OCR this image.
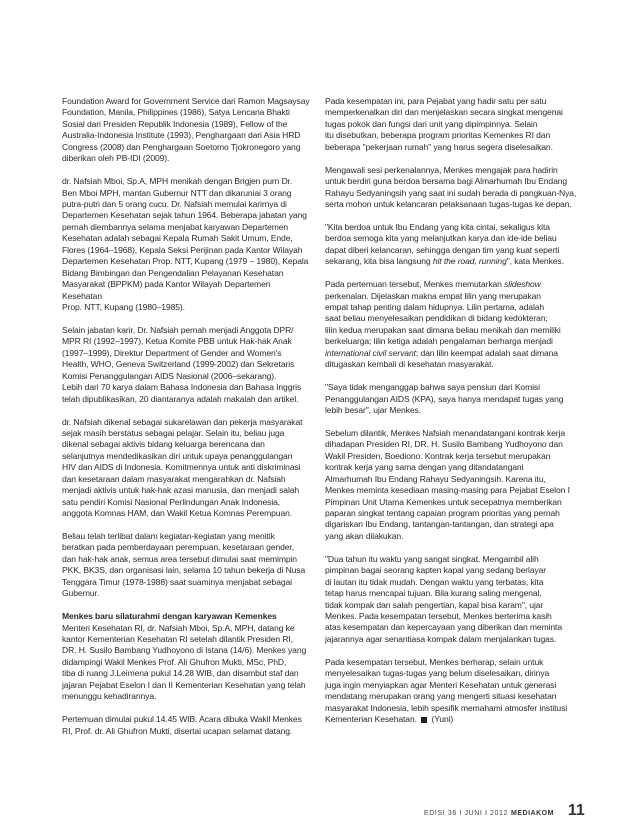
Foundation Award for Government Service dari Ramon Magsaysay
Foundation, Manila, Philippines (1986), Satya Lencana Bhakti
Sosial dari Presiden Republik Indonesia (1989), Fellow of the
Australia-Indonesia Institute (1993), Penghargaan dari Asia HRD
Congress (2008) dan Penghargaan Soetomo Tjokronegoro yang
diberikan oleh PB-IDI (2009).

dr. Nafsiah Mboi, Sp.A, MPH menikah dengan Brigjen purn Dr.
Ben Mboi MPH, mantan Gubernur NTT dan dikaruniai 3 orang
putra-putri dan 5 orang cucu. Dr. Nafsiah memulai karirnya di
Departemen Kesehatan sejak tahun 1964. Beberapa jabatan yang
pernah diembannya selama menjabat karyawan Departemen
Kesehatan adalah sebagai Kepala Rumah Sakit Umum, Ende,
Flores (1964–1968), Kepala Seksi Perijinan pada Kantor Wilayah
Departemen Kesehatan Prop. NTT, Kupang (1979 – 1980), Kepala
Bidang Bimbingan dan Pengendalian Pelayanan Kesehatan
Masyarakat (BPPKM) pada Kantor Wilayah Departemen Kesehatan
Prop. NTT, Kupang (1980–1985).

Selain jabatan karir, Dr. Nafsiah pernah menjadi Anggota DPR/
MPR RI (1992–1997), Ketua Komite PBB untuk Hak-hak Anak
(1997–1999), Direktur Department of Gender and Women's
Health, WHO, Geneva Switzerland (1999-2002) dan Sekretaris
Komisi Penanggulangan AIDS Nasional (2006–sekarang).
Lebih dari 70 karya dalam Bahasa Indonesia dan Bahasa Inggris
telah dipublikasikan, 20 diantaranya adalah makalah dan artikel.

dr. Nafsiah dikenal sebagai sukarelawan dan pekerja masyarakat
sejak masih berstatus sebagai pelajar. Selain itu, beliau juga
dikenal sebagai aktivis bidang keluarga berencana dan
selanjutnya mendedikasikan diri untuk upaya penanggulangan
HIV dan AIDS di Indonesia. Komitmennya untuk anti diskriminasi
dan kesetaraan dalam masyarakat mengarahkan dr. Nafsiah
menjadi aktivis untuk hak-hak azasi manusia, dan menjadi salah
satu pendiri Komisi Nasional Perlindungan Anak Indonesia,
anggota Komnas HAM, dan Wakil Ketua Komnas Perempuan.

Beliau telah terlibat dalam kegiatan-kegiatan yang menitik
beratkan pada pemberdayaan perempuan, kesetaraan gender,
dan hak-hak anak, semua area tersebut dimulai saat memimpin
PKK, BK3S, dan organisasi lain, selama 10 tahun bekerja di Nusa
Tenggara Timur (1978-1988) saat suaminya menjabat sebagai
Gubernur.

Menkes baru silaturahmi dengan karyawan Kemenkes

Menteri Kesehatan RI, dr. Nafsiah Mboi, Sp.A, MPH, datang ke
kantor Kementerian Kesehatan RI setelah dilantik Presiden RI,
DR. H. Susilo Bambang Yudhoyono di Istana (14/6). Menkes yang
didampingi Wakil Menkes Prof. Ali Ghufron Mukti, MSc, PhD,
tiba di ruang J.Leimena pukul 14.28 WIB, dan disambut staf dan
jajaran Pejabat Eselon I dan II Kementerian Kesehatan yang telah
menunggu kehadirannya.

Pertemuan dimulai pukul 14.45 WIB. Acara dibuka Wakil Menkes
RI, Prof. dr. Ali Ghufron Mukti, disertai ucapan selamat datang.

Pada kesempatan ini, para Pejabat yang hadir satu per satu
memperkenalkan diri dan menjelaskan secara singkat mengenai
tugas pokok dan fungsi dari unit yang dipimpinnya. Selain
itu disebutkan, beberapa program prioritas Kemenkes RI dan
beberapa "pekerjaan rumah" yang harus segera diselesaikan.

Mengawali sesi perkenalannya, Menkes mengajak para hadirin
untuk berdiri guna berdoa bersama bagi Almarhumah Ibu Endang
Rahayu Sedyaningsih yang saat ini sudah berada di pangkuan-Nya,
serta mohon untuk kelancaran pelaksanaan tugas-tugas ke depan.

"Kita berdoa untuk Ibu Endang yang kita cintai, sekaligus kita
berdoa semoga kita yang melanjutkan karya dan ide-ide beliau
dapat diberi kelancaran, sehingga dengan tim yang kuat seperti
sekarang, kita bisa langsung hit the road, running", kata Menkes.

Pada pertemuan tersebut, Menkes memutarkan slideshow
perkenalan. Dijelaskan makna empat lilin yang merupakan
empat tahap penting dalam hidupnya. Lilin pertama, adalah
saat beliau menyelesaikan pendidikan di bidang kedokteran;
lilin kedua merupakan saat dimana beliau menikah dan memiliki
berkeluarga; lilin ketiga adalah pengalaman berharga menjadi
international civil servant; dan lilin keempat adalah saat dimana
ditugaskan kembali di kesehatan masyarakat.

"Saya tidak menganggap bahwa saya pensiun dari Komisi
Penanggulangan AIDS (KPA), saya hanya mendapat tugas yang
lebih besar", ujar Menkes.

Sebelum dilantik, Menkes Nafsiah menandatangani kontrak kerja
dihadapan Presiden RI, DR. H. Susilo Bambang Yudhoyono dan
Wakil Presiden, Boediono. Kontrak kerja tersebut merupakan
kontrak kerja yang sama dengan yang ditandatangani
Almarhumah Ibu Endang Rahayu Sedyaningsih. Karena itu,
Menkes meminta kesediaan masing-masing para Pejabat Eselon I
Pimpinan Unit Utama Kemenkes untuk secepatnya memberikan
paparan singkat tentang capaian program prioritas yang pernah
digariskan Ibu Endang, tantangan-tantangan, dan strategi apa
yang akan dilakukan.

"Dua tahun itu waktu yang sangat singkat. Mengambil alih
pimpinan bagai seorang kapten kapal yang sedang berlayar
di lautan itu tidak mudah. Dengan waktu yang terbatas, kita
tetap harus mencapai tujuan. Bila kurang saling mengenal,
tidak kompak dan salah pengertian, kapal bisa karam", ujar
Menkes. Pada kesempatan tersebut, Menkes berterima kasih
atas kesempatan dan kepercayaan yang diberikan dan meminta
jajarannya agar senantiasa kompak dalam menjalankan tugas.

Pada kesempatan tersebut, Menkes berharap, selain untuk
menyelesaikan tugas-tugas yang belum diselesaikan, dirinya
juga ingin menyiapkan agar Menteri Kesehatan untuk generasi
mendatang merupakan orang yang mengerti situasi kesehatan
masyarakat Indonesia, lebih spesifik memahami atmosfer institusi
Kementerian Kesehatan. (Yuni)

EDISI 36 I JUNI I 2012 MEDIAKOM 11
